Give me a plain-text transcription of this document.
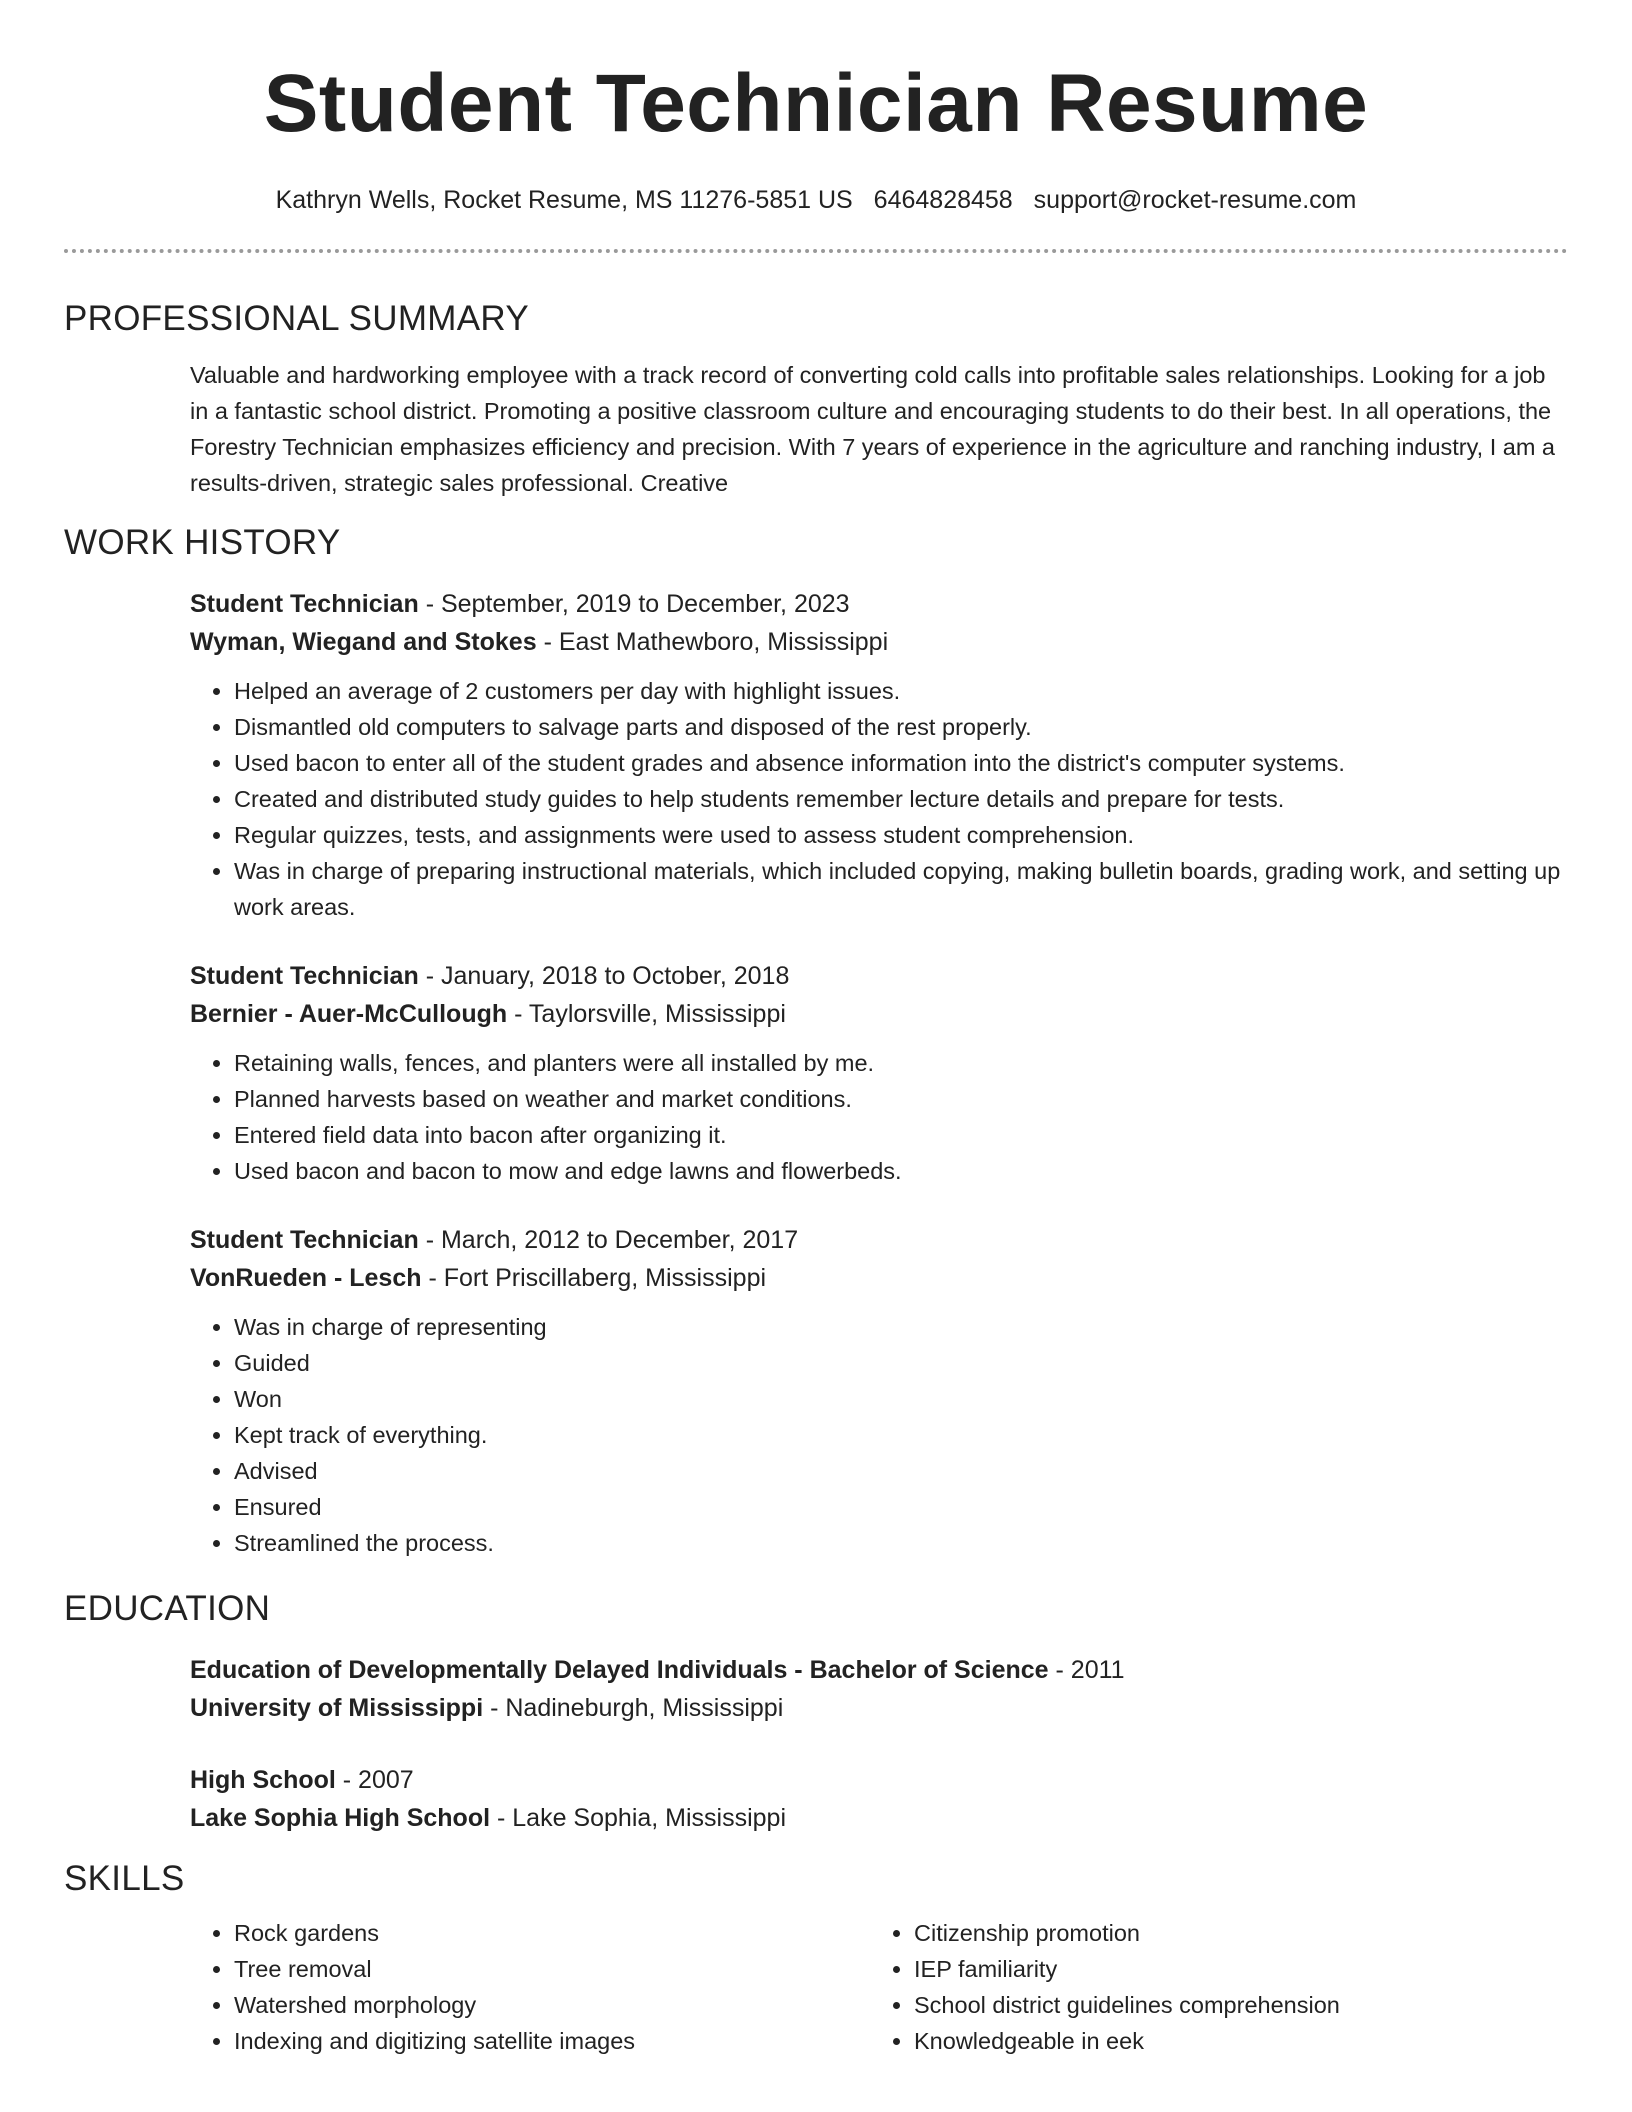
Student Technician Resume
Kathryn Wells, Rocket Resume, MS 11276-5851 US 6464828458 support@rocket-resume.com
PROFESSIONAL SUMMARY

Valuable and hardworking employee with a track record of converting cold calls into profitable sales relationships. Looking for a job in a fantastic school district. Promoting a positive classroom culture and encouraging students to do their best. In all operations, the Forestry Technician emphasizes efficiency and precision. With 7 years of experience in the agriculture and ranching industry, I am a results-driven, strategic sales professional. Creative

WORK HISTORY

Student Technician - September, 2019 to December, 2023

Wyman, Wiegand and Stokes - East Mathewboro, Mississippi

• Helped an average of 2 customers per day with highlight issues.
• Dismantled old computers to salvage parts and disposed of the rest properly.
• Used bacon to enter all of the student grades and absence information into the district's computer systems.
• Created and distributed study guides to help students remember lecture details and prepare for tests.
• Regular quizzes, tests, and assignments were used to assess student comprehension.
• Was in charge of preparing instructional materials, which included copying, making bulletin boards, grading work, and setting up work areas.

Student Technician - January, 2018 to October, 2018

Bernier - Auer-McCullough - Taylorsville, Mississippi

• Retaining walls, fences, and planters were all installed by me.
• Planned harvests based on weather and market conditions.
• Entered field data into bacon after organizing it.
• Used bacon and bacon to mow and edge lawns and flowerbeds.

Student Technician - March, 2012 to December, 2017

VonRueden - Lesch - Fort Priscillaberg, Mississippi

• Was in charge of representing
• Guided
• Won
• Kept track of everything.
• Advised
• Ensured
• Streamlined the process.
EDUCATION

Education of Developmentally Delayed Individuals - Bachelor of Science - 2011

University of Mississippi - Nadineburgh, Mississippi

High School - 2007

Lake Sophia High School - Lake Sophia, Mississippi

SKILLS
• Rock gardens
• Tree removal
• Watershed morphology
• Indexing and digitizing satellite images
• Citizenship promotion
• IEP familiarity
• School district guidelines comprehension
• Knowledgeable in eek
